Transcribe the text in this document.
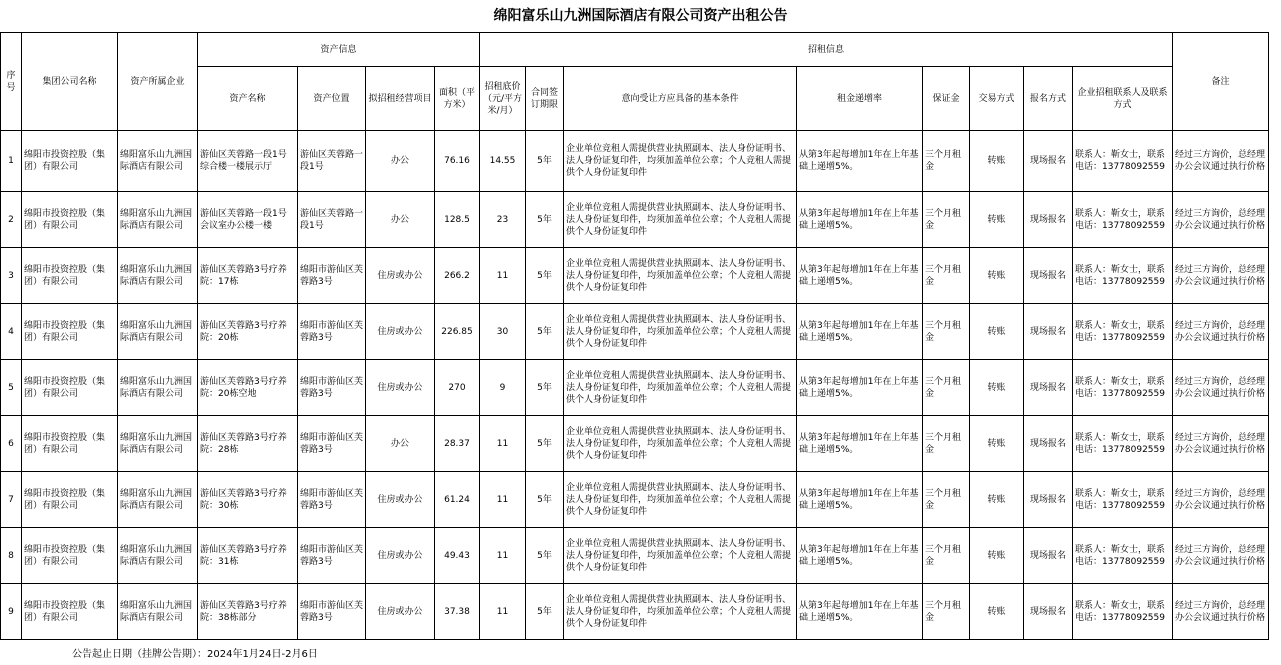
绵阳富乐山九洲国际酒店有限公司资产出租公告
序号	集团公司名称	资产所属企业	资产信息				招租信息								备注
			资产名称	资产位置	拟招租经营项目	面积（平方米）	招租底价（元/平方米/月）	合同签订期限	意向受让方应具备的基本条件	租金递增率	保证金	交易方式	报名方式	企业招租联系人及联系方式	
1	绵阳市投资控股（集团）有限公司	绵阳富乐山九洲国际酒店有限公司	游仙区芙蓉路一段1号综合楼一楼展示厅	游仙区芙蓉路一段1号	办公	76.16	14.55	5年	企业单位竞租人需提供营业执照副本、法人身份证明书、法人身份证复印件，均须加盖单位公章；个人竞租人需提供个人身份证复印件	从第3年起每增加1年在上年基础上递增5%。	三个月租金	转账	现场报名	联系人：靳女士，联系电话：13778092559	经过三方询价，总经理办公会议通过执行价格
2	绵阳市投资控股（集团）有限公司	绵阳富乐山九洲国际酒店有限公司	游仙区芙蓉路一段1号会议室办公楼一楼	游仙区芙蓉路一段1号	办公	128.5	23	5年	企业单位竞租人需提供营业执照副本、法人身份证明书、法人身份证复印件，均须加盖单位公章；个人竞租人需提供个人身份证复印件	从第3年起每增加1年在上年基础上递增5%。	三个月租金	转账	现场报名	联系人：靳女士，联系电话：13778092559	经过三方询价，总经理办公会议通过执行价格
3	绵阳市投资控股（集团）有限公司	绵阳富乐山九洲国际酒店有限公司	游仙区芙蓉路3号疗养院：17栋	绵阳市游仙区芙蓉路3号	住房或办公	266.2	11	5年	企业单位竞租人需提供营业执照副本、法人身份证明书、法人身份证复印件，均须加盖单位公章；个人竞租人需提供个人身份证复印件	从第3年起每增加1年在上年基础上递增5%。	三个月租金	转账	现场报名	联系人：靳女士，联系电话：13778092559	经过三方询价，总经理办公会议通过执行价格
4	绵阳市投资控股（集团）有限公司	绵阳富乐山九洲国际酒店有限公司	游仙区芙蓉路3号疗养院：20栋	绵阳市游仙区芙蓉路3号	住房或办公	226.85	30	5年	企业单位竞租人需提供营业执照副本、法人身份证明书、法人身份证复印件，均须加盖单位公章；个人竞租人需提供个人身份证复印件	从第3年起每增加1年在上年基础上递增5%。	三个月租金	转账	现场报名	联系人：靳女士，联系电话：13778092559	经过三方询价，总经理办公会议通过执行价格
5	绵阳市投资控股（集团）有限公司	绵阳富乐山九洲国际酒店有限公司	游仙区芙蓉路3号疗养院：20栋空地	绵阳市游仙区芙蓉路3号	住房或办公	270	9	5年	企业单位竞租人需提供营业执照副本、法人身份证明书、法人身份证复印件，均须加盖单位公章；个人竞租人需提供个人身份证复印件	从第3年起每增加1年在上年基础上递增5%。	三个月租金	转账	现场报名	联系人：靳女士，联系电话：13778092559	经过三方询价，总经理办公会议通过执行价格
6	绵阳市投资控股（集团）有限公司	绵阳富乐山九洲国际酒店有限公司	游仙区芙蓉路3号疗养院：28栋	绵阳市游仙区芙蓉路3号	办公	28.37	11	5年	企业单位竞租人需提供营业执照副本、法人身份证明书、法人身份证复印件，均须加盖单位公章；个人竞租人需提供个人身份证复印件	从第3年起每增加1年在上年基础上递增5%。	三个月租金	转账	现场报名	联系人：靳女士，联系电话：13778092559	经过三方询价，总经理办公会议通过执行价格
7	绵阳市投资控股（集团）有限公司	绵阳富乐山九洲国际酒店有限公司	游仙区芙蓉路3号疗养院：30栋	绵阳市游仙区芙蓉路3号	住房或办公	61.24	11	5年	企业单位竞租人需提供营业执照副本、法人身份证明书、法人身份证复印件，均须加盖单位公章；个人竞租人需提供个人身份证复印件	从第3年起每增加1年在上年基础上递增5%。	三个月租金	转账	现场报名	联系人：靳女士，联系电话：13778092559	经过三方询价，总经理办公会议通过执行价格
8	绵阳市投资控股（集团）有限公司	绵阳富乐山九洲国际酒店有限公司	游仙区芙蓉路3号疗养院：31栋	绵阳市游仙区芙蓉路3号	住房或办公	49.43	11	5年	企业单位竞租人需提供营业执照副本、法人身份证明书、法人身份证复印件，均须加盖单位公章；个人竞租人需提供个人身份证复印件	从第3年起每增加1年在上年基础上递增5%。	三个月租金	转账	现场报名	联系人：靳女士，联系电话：13778092559	经过三方询价，总经理办公会议通过执行价格
9	绵阳市投资控股（集团）有限公司	绵阳富乐山九洲国际酒店有限公司	游仙区芙蓉路3号疗养院：38栋部分	绵阳市游仙区芙蓉路3号	住房或办公	37.38	11	5年	企业单位竞租人需提供营业执照副本、法人身份证明书、法人身份证复印件，均须加盖单位公章；个人竞租人需提供个人身份证复印件	从第3年起每增加1年在上年基础上递增5%。	三个月租金	转账	现场报名	联系人：靳女士，联系电话：13778092559	经过三方询价，总经理办公会议通过执行价格
公告起止日期（挂牌公告期）：2024年1月24日-2月6日
